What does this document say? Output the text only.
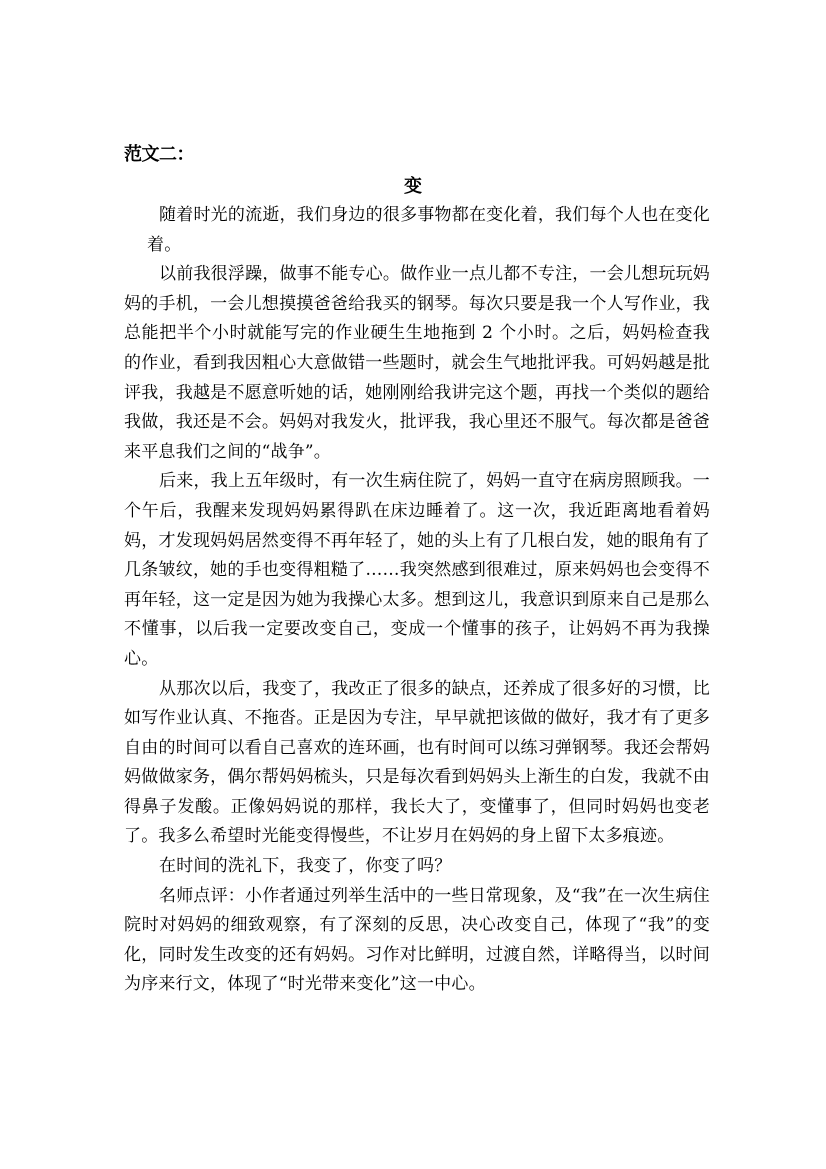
范文二：
变

随着时光的流逝，我们身边的很多事物都在变化着，我们每个人也在变化着。

以前我很浮躁，做事不能专心。做作业一点儿都不专注，一会儿想玩玩妈妈的手机，一会儿想摸摸爸爸给我买的钢琴。每次只要是我一个人写作业，我总能把半个小时就能写完的作业硬生生地拖到 2 个小时。之后，妈妈检查我的作业，看到我因粗心大意做错一些题时，就会生气地批评我。可妈妈越是批评我，我越是不愿意听她的话，她刚刚给我讲完这个题，再找一个类似的题给我做，我还是不会。妈妈对我发火，批评我，我心里还不服气。每次都是爸爸来平息我们之间的“战争”。

后来，我上五年级时，有一次生病住院了，妈妈一直守在病房照顾我。一个午后，我醒来发现妈妈累得趴在床边睡着了。这一次，我近距离地看着妈妈，才发现妈妈居然变得不再年轻了，她的头上有了几根白发，她的眼角有了几条皱纹，她的手也变得粗糙了……我突然感到很难过，原来妈妈也会变得不再年轻，这一定是因为她为我操心太多。想到这儿，我意识到原来自己是那么不懂事，以后我一定要改变自己，变成一个懂事的孩子，让妈妈不再为我操心。

从那次以后，我变了，我改正了很多的缺点，还养成了很多好的习惯，比如写作业认真、不拖沓。正是因为专注，早早就把该做的做好，我才有了更多自由的时间可以看自己喜欢的连环画，也有时间可以练习弹钢琴。我还会帮妈妈做做家务，偶尔帮妈妈梳头，只是每次看到妈妈头上渐生的白发，我就不由得鼻子发酸。正像妈妈说的那样，我长大了，变懂事了，但同时妈妈也变老了。我多么希望时光能变得慢些，不让岁月在妈妈的身上留下太多痕迹。

在时间的洗礼下，我变了，你变了吗？

名师点评：小作者通过列举生活中的一些日常现象，及“我”在一次生病住院时对妈妈的细致观察，有了深刻的反思，决心改变自己，体现了“我”的变化，同时发生改变的还有妈妈。习作对比鲜明，过渡自然，详略得当，以时间为序来行文，体现了“时光带来变化”这一中心。
